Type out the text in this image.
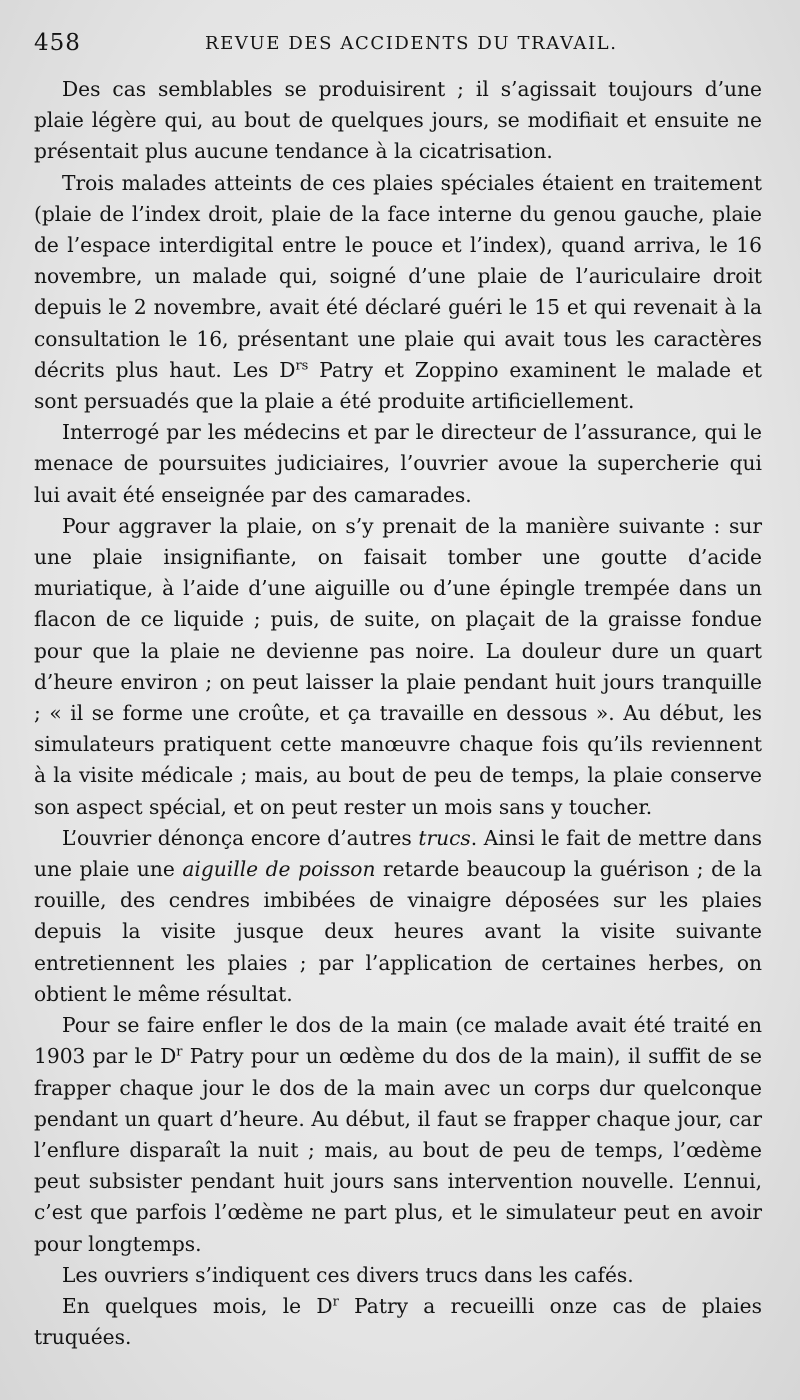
458	REVUE DES ACCIDENTS DU TRAVAIL.

Des cas semblables se produisirent ; il s’agissait toujours d’une plaie légère qui, au bout de quelques jours, se modifiait et ensuite ne présentait plus aucune tendance à la cicatrisation.

Trois malades atteints de ces plaies spéciales étaient en traitement (plaie de l’index droit, plaie de la face interne du genou gauche, plaie de l’espace interdigital entre le pouce et l’index), quand arriva, le 16 novembre, un malade qui, soigné d’une plaie de l’auriculaire droit depuis le 2 novembre, avait été déclaré guéri le 15 et qui revenait à la consultation le 16, présentant une plaie qui avait tous les caractères décrits plus haut. Les $D^{rs}$ Patry et Zoppino examinent le malade et sont persuadés que la plaie a été produite artificiellement.

Interrogé par les médecins et par le directeur de l’assurance, qui le menace de poursuites judiciaires, l’ouvrier avoue la supercherie qui lui avait été enseignée par des camarades.

Pour aggraver la plaie, on s’y prenait de la manière suivante : sur une plaie insignifiante, on faisait tomber une goutte d’acide muriatique, à l’aide d’une aiguille ou d’une épingle trempée dans un flacon de ce liquide ; puis, de suite, on plaçait de la graisse fondue pour que la plaie ne devienne pas noire. La douleur dure un quart d’heure environ ; on peut laisser la plaie pendant huit jours tranquille ; « il se forme une croûte, et ça travaille en dessous ». Au début, les simulateurs pratiquent cette manœuvre chaque fois qu’ils reviennent à la visite médicale ; mais, au bout de peu de temps, la plaie conserve son aspect spécial, et on peut rester un mois sans y toucher.

L’ouvrier dénonça encore d’autres trucs. Ainsi le fait de mettre dans une plaie une aiguille de poisson retarde beaucoup la guérison ; de la rouille, des cendres imbibées de vinaigre déposées sur les plaies depuis la visite jusque deux heures avant la visite suivante entretiennent les plaies ; par l’application de certaines herbes, on obtient le même résultat.

Pour se faire enfler le dos de la main (ce malade avait été traité en 1903 par le $D^r$ Patry pour un œdème du dos de la main), il suffit de se frapper chaque jour le dos de la main avec un corps dur quelconque pendant un quart d’heure. Au début, il faut se frapper chaque jour, car l’enflure disparaît la nuit ; mais, au bout de peu de temps, l’œdème peut subsister pendant huit jours sans intervention nouvelle. L’ennui, c’est que parfois l’œdème ne part plus, et le simulateur peut en avoir pour longtemps.

Les ouvriers s’indiquent ces divers trucs dans les cafés.

En quelques mois, le $D^r$ Patry a recueilli onze cas de plaies truquées.
